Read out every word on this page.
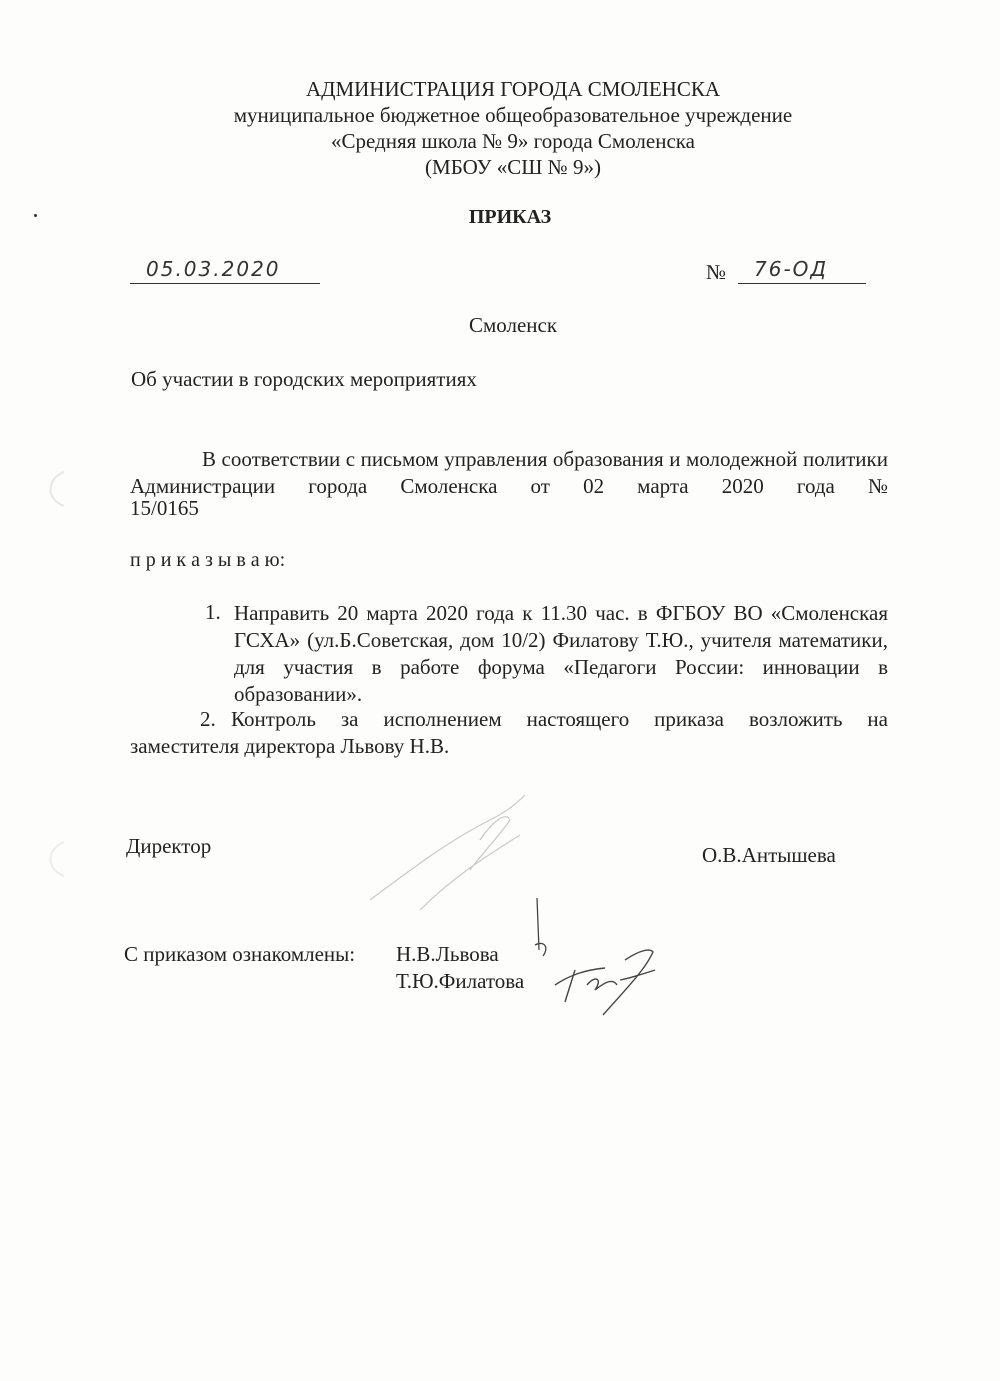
АДМИНИСТРАЦИЯ ГОРОДА СМОЛЕНСКА
муниципальное бюджетное общеобразовательное учреждение
«Средняя школа № 9» города Смоленска
(МБОУ «СШ № 9»)
ПРИКАЗ
05.03.2020	№ 76-ОД
Смоленск
Об участии в городских мероприятиях
В соответствии с письмом управления образования и молодежной политики Администрации города Смоленска от 02 марта 2020 года №
15/0165
п р и к а з ы в а ю:
1. Направить 20 марта 2020 года к 11.30 час. в ФГБОУ ВО «Смоленская ГСХА» (ул.Б.Советская, дом 10/2) Филатову Т.Ю., учителя математики, для участия в работе форума «Педагоги России: инновации в образовании».
2. Контроль за исполнением настоящего приказа возложить на
заместителя директора Львову Н.В.
Директор	О.В.Антышева
С приказом ознакомлены: Н.В.Львова
Т.Ю.Филатова
